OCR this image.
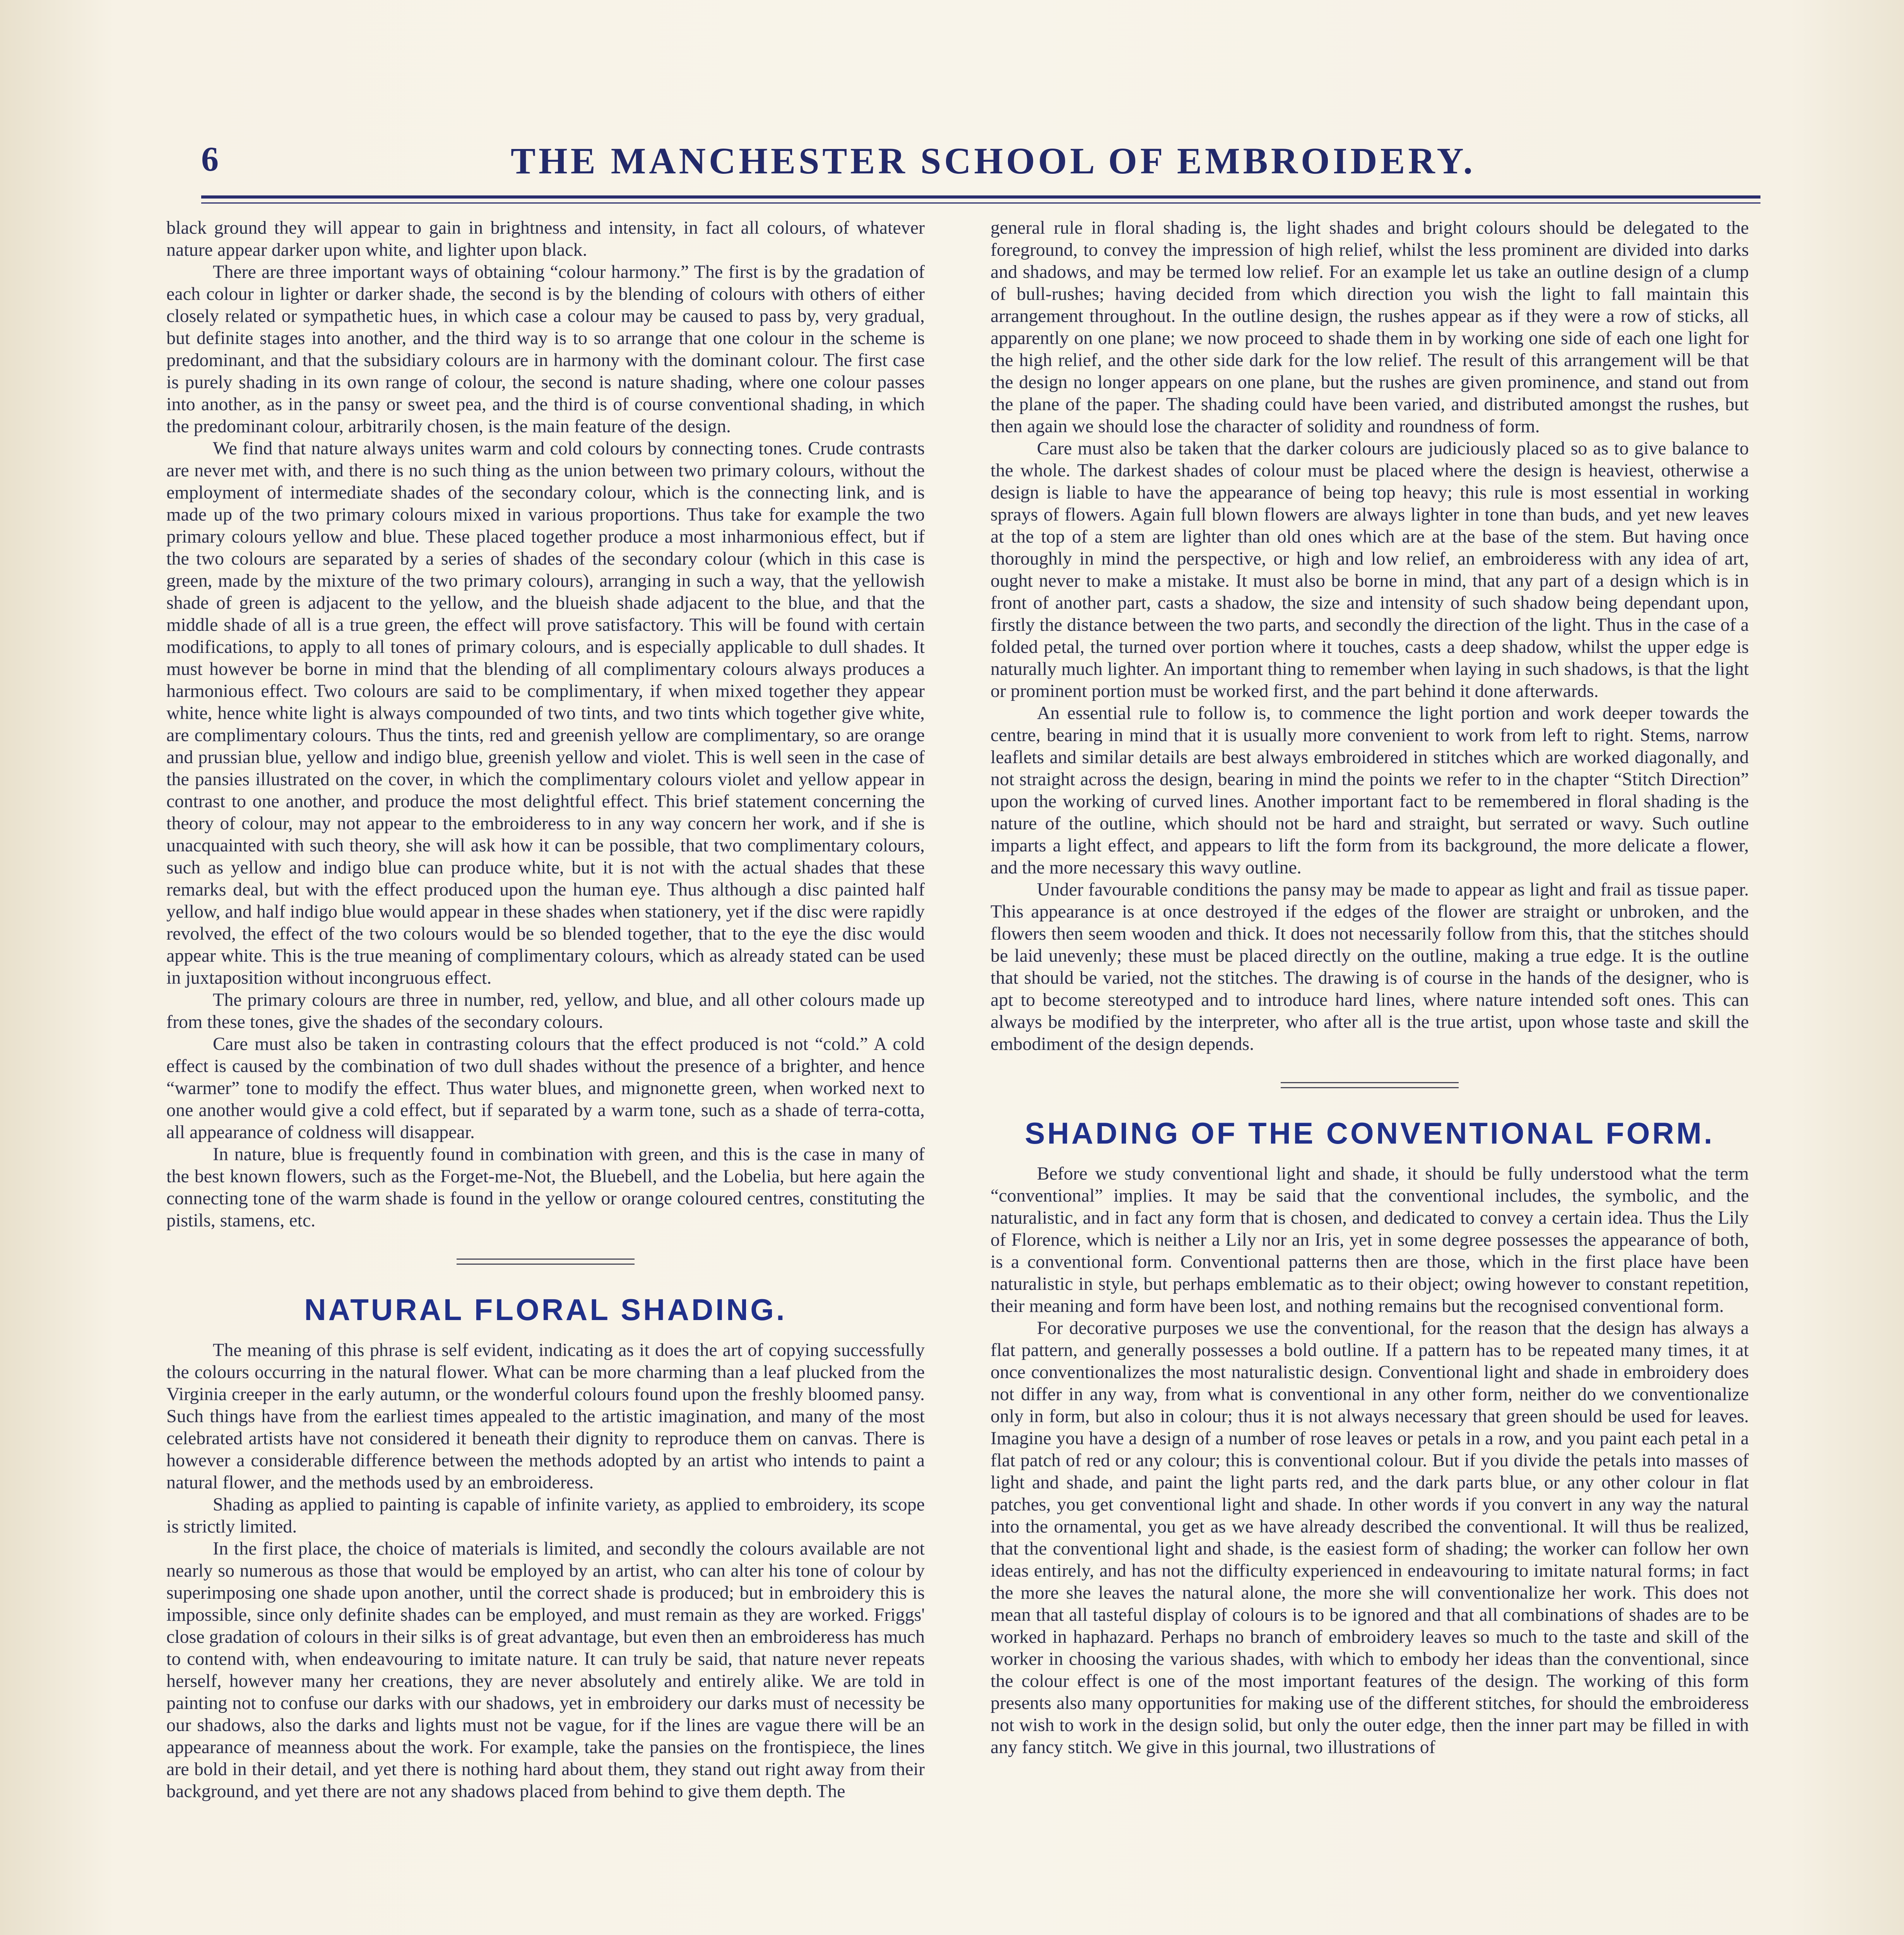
6	THE MANCHESTER SCHOOL OF EMBROIDERY.

black ground they will appear to gain in brightness and intensity, in fact all colours, of whatever nature appear darker upon white, and lighter upon black.

There are three important ways of obtaining “colour harmony.” The first is by the gradation of each colour in lighter or darker shade, the second is by the blending of colours with others of either closely related or sympathetic hues, in which case a colour may be caused to pass by, very gradual, but definite stages into another, and the third way is to so arrange that one colour in the scheme is predominant, and that the subsidiary colours are in harmony with the dominant colour. The first case is purely shading in its own range of colour, the second is nature shading, where one colour passes into another, as in the pansy or sweet pea, and the third is of course conventional shading, in which the predominant colour, arbitrarily chosen, is the main feature of the design.

We find that nature always unites warm and cold colours by connecting tones. Crude contrasts are never met with, and there is no such thing as the union between two primary colours, without the employment of intermediate shades of the secondary colour, which is the connecting link, and is made up of the two primary colours mixed in various proportions. Thus take for example the two primary colours yellow and blue. These placed together produce a most inharmonious effect, but if the two colours are separated by a series of shades of the secondary colour (which in this case is green, made by the mixture of the two primary colours), arranging in such a way, that the yellowish shade of green is adjacent to the yellow, and the blueish shade adjacent to the blue, and that the middle shade of all is a true green, the effect will prove satisfactory. This will be found with certain modifications, to apply to all tones of primary colours, and is especially applicable to dull shades. It must however be borne in mind that the blending of all complimentary colours always produces a harmonious effect. Two colours are said to be complimentary, if when mixed together they appear white, hence white light is always compounded of two tints, and two tints which together give white, are complimentary colours. Thus the tints, red and greenish yellow are complimentary, so are orange and prussian blue, yellow and indigo blue, greenish yellow and violet. This is well seen in the case of the pansies illustrated on the cover, in which the complimentary colours violet and yellow appear in contrast to one another, and produce the most delightful effect. This brief statement concerning the theory of colour, may not appear to the embroideress to in any way concern her work, and if she is unacquainted with such theory, she will ask how it can be possible, that two complimentary colours, such as yellow and indigo blue can produce white, but it is not with the actual shades that these remarks deal, but with the effect produced upon the human eye. Thus although a disc painted half yellow, and half indigo blue would appear in these shades when stationery, yet if the disc were rapidly revolved, the effect of the two colours would be so blended together, that to the eye the disc would appear white. This is the true meaning of complimentary colours, which as already stated can be used in juxtaposition without incongruous effect.

The primary colours are three in number, red, yellow, and blue, and all other colours made up from these tones, give the shades of the secondary colours.

Care must also be taken in contrasting colours that the effect produced is not “cold.” A cold effect is caused by the combination of two dull shades without the presence of a brighter, and hence “warmer” tone to modify the effect. Thus water blues, and mignonette green, when worked next to one another would give a cold effect, but if separated by a warm tone, such as a shade of terra-cotta, all appearance of coldness will disappear.

In nature, blue is frequently found in combination with green, and this is the case in many of the best known flowers, such as the Forget-me-Not, the Bluebell, and the Lobelia, but here again the connecting tone of the warm shade is found in the yellow or orange coloured centres, constituting the pistils, stamens, etc.

NATURAL FLORAL SHADING.

The meaning of this phrase is self evident, indicating as it does the art of copying successfully the colours occurring in the natural flower. What can be more charming than a leaf plucked from the Virginia creeper in the early autumn, or the wonderful colours found upon the freshly bloomed pansy. Such things have from the earliest times appealed to the artistic imagination, and many of the most celebrated artists have not considered it beneath their dignity to reproduce them on canvas. There is however a considerable difference between the methods adopted by an artist who intends to paint a natural flower, and the methods used by an embroideress.

Shading as applied to painting is capable of infinite variety, as applied to embroidery, its scope is strictly limited.

In the first place, the choice of materials is limited, and secondly the colours available are not nearly so numerous as those that would be employed by an artist, who can alter his tone of colour by superimposing one shade upon another, until the correct shade is produced; but in embroidery this is impossible, since only definite shades can be employed, and must remain as they are worked. Friggs' close gradation of colours in their silks is of great advantage, but even then an embroideress has much to contend with, when endeavouring to imitate nature. It can truly be said, that nature never repeats herself, however many her creations, they are never absolutely and entirely alike. We are told in painting not to confuse our darks with our shadows, yet in embroidery our darks must of necessity be our shadows, also the darks and lights must not be vague, for if the lines are vague there will be an appearance of meanness about the work. For example, take the pansies on the frontispiece, the lines are bold in their detail, and yet there is nothing hard about them, they stand out right away from their background, and yet there are not any shadows placed from behind to give them depth. The

general rule in floral shading is, the light shades and bright colours should be delegated to the foreground, to convey the impression of high relief, whilst the less prominent are divided into darks and shadows, and may be termed low relief. For an example let us take an outline design of a clump of bull-rushes; having decided from which direction you wish the light to fall maintain this arrangement throughout. In the outline design, the rushes appear as if they were a row of sticks, all apparently on one plane; we now proceed to shade them in by working one side of each one light for the high relief, and the other side dark for the low relief. The result of this arrangement will be that the design no longer appears on one plane, but the rushes are given prominence, and stand out from the plane of the paper. The shading could have been varied, and distributed amongst the rushes, but then again we should lose the character of solidity and roundness of form.

Care must also be taken that the darker colours are judiciously placed so as to give balance to the whole. The darkest shades of colour must be placed where the design is heaviest, otherwise a design is liable to have the appearance of being top heavy; this rule is most essential in working sprays of flowers. Again full blown flowers are always lighter in tone than buds, and yet new leaves at the top of a stem are lighter than old ones which are at the base of the stem. But having once thoroughly in mind the perspective, or high and low relief, an embroideress with any idea of art, ought never to make a mistake. It must also be borne in mind, that any part of a design which is in front of another part, casts a shadow, the size and intensity of such shadow being dependant upon, firstly the distance between the two parts, and secondly the direction of the light. Thus in the case of a folded petal, the turned over portion where it touches, casts a deep shadow, whilst the upper edge is naturally much lighter. An important thing to remember when laying in such shadows, is that the light or prominent portion must be worked first, and the part behind it done afterwards.

An essential rule to follow is, to commence the light portion and work deeper towards the centre, bearing in mind that it is usually more convenient to work from left to right. Stems, narrow leaflets and similar details are best always embroidered in stitches which are worked diagonally, and not straight across the design, bearing in mind the points we refer to in the chapter “Stitch Direction” upon the working of curved lines. Another important fact to be remembered in floral shading is the nature of the outline, which should not be hard and straight, but serrated or wavy. Such outline imparts a light effect, and appears to lift the form from its background, the more delicate a flower, and the more necessary this wavy outline.

Under favourable conditions the pansy may be made to appear as light and frail as tissue paper. This appearance is at once destroyed if the edges of the flower are straight or unbroken, and the flowers then seem wooden and thick. It does not necessarily follow from this, that the stitches should be laid unevenly; these must be placed directly on the outline, making a true edge. It is the outline that should be varied, not the stitches. The drawing is of course in the hands of the designer, who is apt to become stereotyped and to introduce hard lines, where nature intended soft ones. This can always be modified by the interpreter, who after all is the true artist, upon whose taste and skill the embodiment of the design depends.

SHADING OF THE CONVENTIONAL FORM.

Before we study conventional light and shade, it should be fully understood what the term “conventional” implies. It may be said that the conventional includes, the symbolic, and the naturalistic, and in fact any form that is chosen, and dedicated to convey a certain idea. Thus the Lily of Florence, which is neither a Lily nor an Iris, yet in some degree possesses the appearance of both, is a conventional form. Conventional patterns then are those, which in the first place have been naturalistic in style, but perhaps emblematic as to their object; owing however to constant repetition, their meaning and form have been lost, and nothing remains but the recognised conventional form.

For decorative purposes we use the conventional, for the reason that the design has always a flat pattern, and generally possesses a bold outline. If a pattern has to be repeated many times, it at once conventionalizes the most naturalistic design. Conventional light and shade in embroidery does not differ in any way, from what is conventional in any other form, neither do we conventionalize only in form, but also in colour; thus it is not always necessary that green should be used for leaves. Imagine you have a design of a number of rose leaves or petals in a row, and you paint each petal in a flat patch of red or any colour; this is conventional colour. But if you divide the petals into masses of light and shade, and paint the light parts red, and the dark parts blue, or any other colour in flat patches, you get conventional light and shade. In other words if you convert in any way the natural into the ornamental, you get as we have already described the conventional. It will thus be realized, that the conventional light and shade, is the easiest form of shading; the worker can follow her own ideas entirely, and has not the difficulty experienced in endeavouring to imitate natural forms; in fact the more she leaves the natural alone, the more she will conventionalize her work. This does not mean that all tasteful display of colours is to be ignored and that all combinations of shades are to be worked in haphazard. Perhaps no branch of embroidery leaves so much to the taste and skill of the worker in choosing the various shades, with which to embody her ideas than the conventional, since the colour effect is one of the most important features of the design. The working of this form presents also many opportunities for making use of the different stitches, for should the embroideress not wish to work in the design solid, but only the outer edge, then the inner part may be filled in with any fancy stitch. We give in this journal, two illustrations of
